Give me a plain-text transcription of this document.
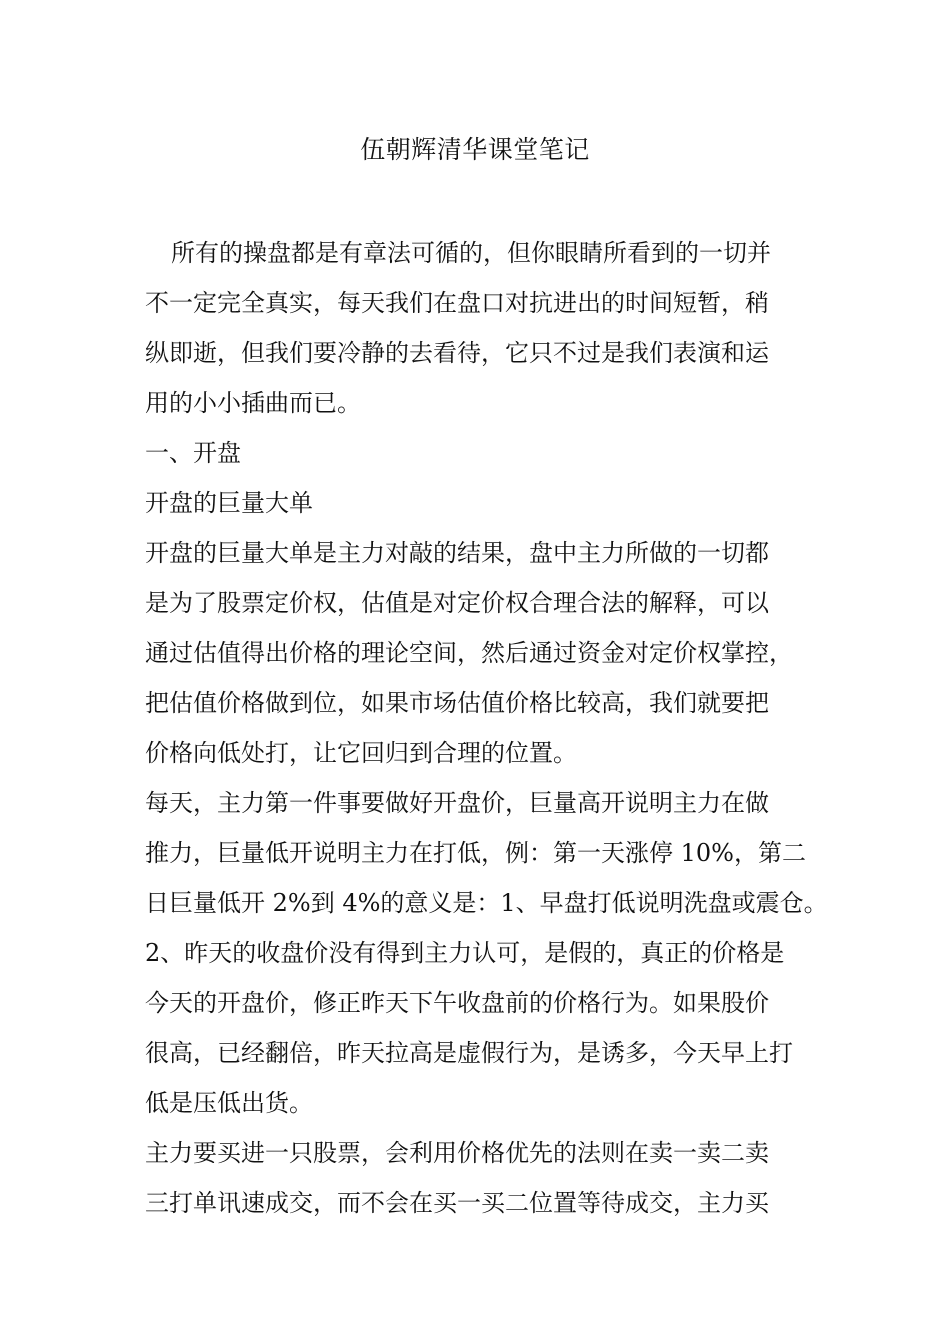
伍朝辉清华课堂笔记
所有的操盘都是有章法可循的，但你眼睛所看到的一切并
不一定完全真实，每天我们在盘口对抗进出的时间短暂，稍
纵即逝，但我们要冷静的去看待，它只不过是我们表演和运
用的小小插曲而已。
一、开盘
开盘的巨量大单
开盘的巨量大单是主力对敲的结果，盘中主力所做的一切都
是为了股票定价权，估值是对定价权合理合法的解释，可以
通过估值得出价格的理论空间，然后通过资金对定价权掌控，
把估值价格做到位，如果市场估值价格比较高，我们就要把
价格向低处打，让它回归到合理的位置。
每天，主力第一件事要做好开盘价，巨量高开说明主力在做
推力，巨量低开说明主力在打低，例：第一天涨停 10%，第二
日巨量低开 2%到 4%的意义是：1、早盘打低说明洗盘或震仓。
2、昨天的收盘价没有得到主力认可，是假的，真正的价格是
今天的开盘价，修正昨天下午收盘前的价格行为。如果股价
很高，已经翻倍，昨天拉高是虚假行为，是诱多，今天早上打
低是压低出货。
主力要买进一只股票，会利用价格优先的法则在卖一卖二卖
三打单讯速成交，而不会在买一买二位置等待成交，主力买
